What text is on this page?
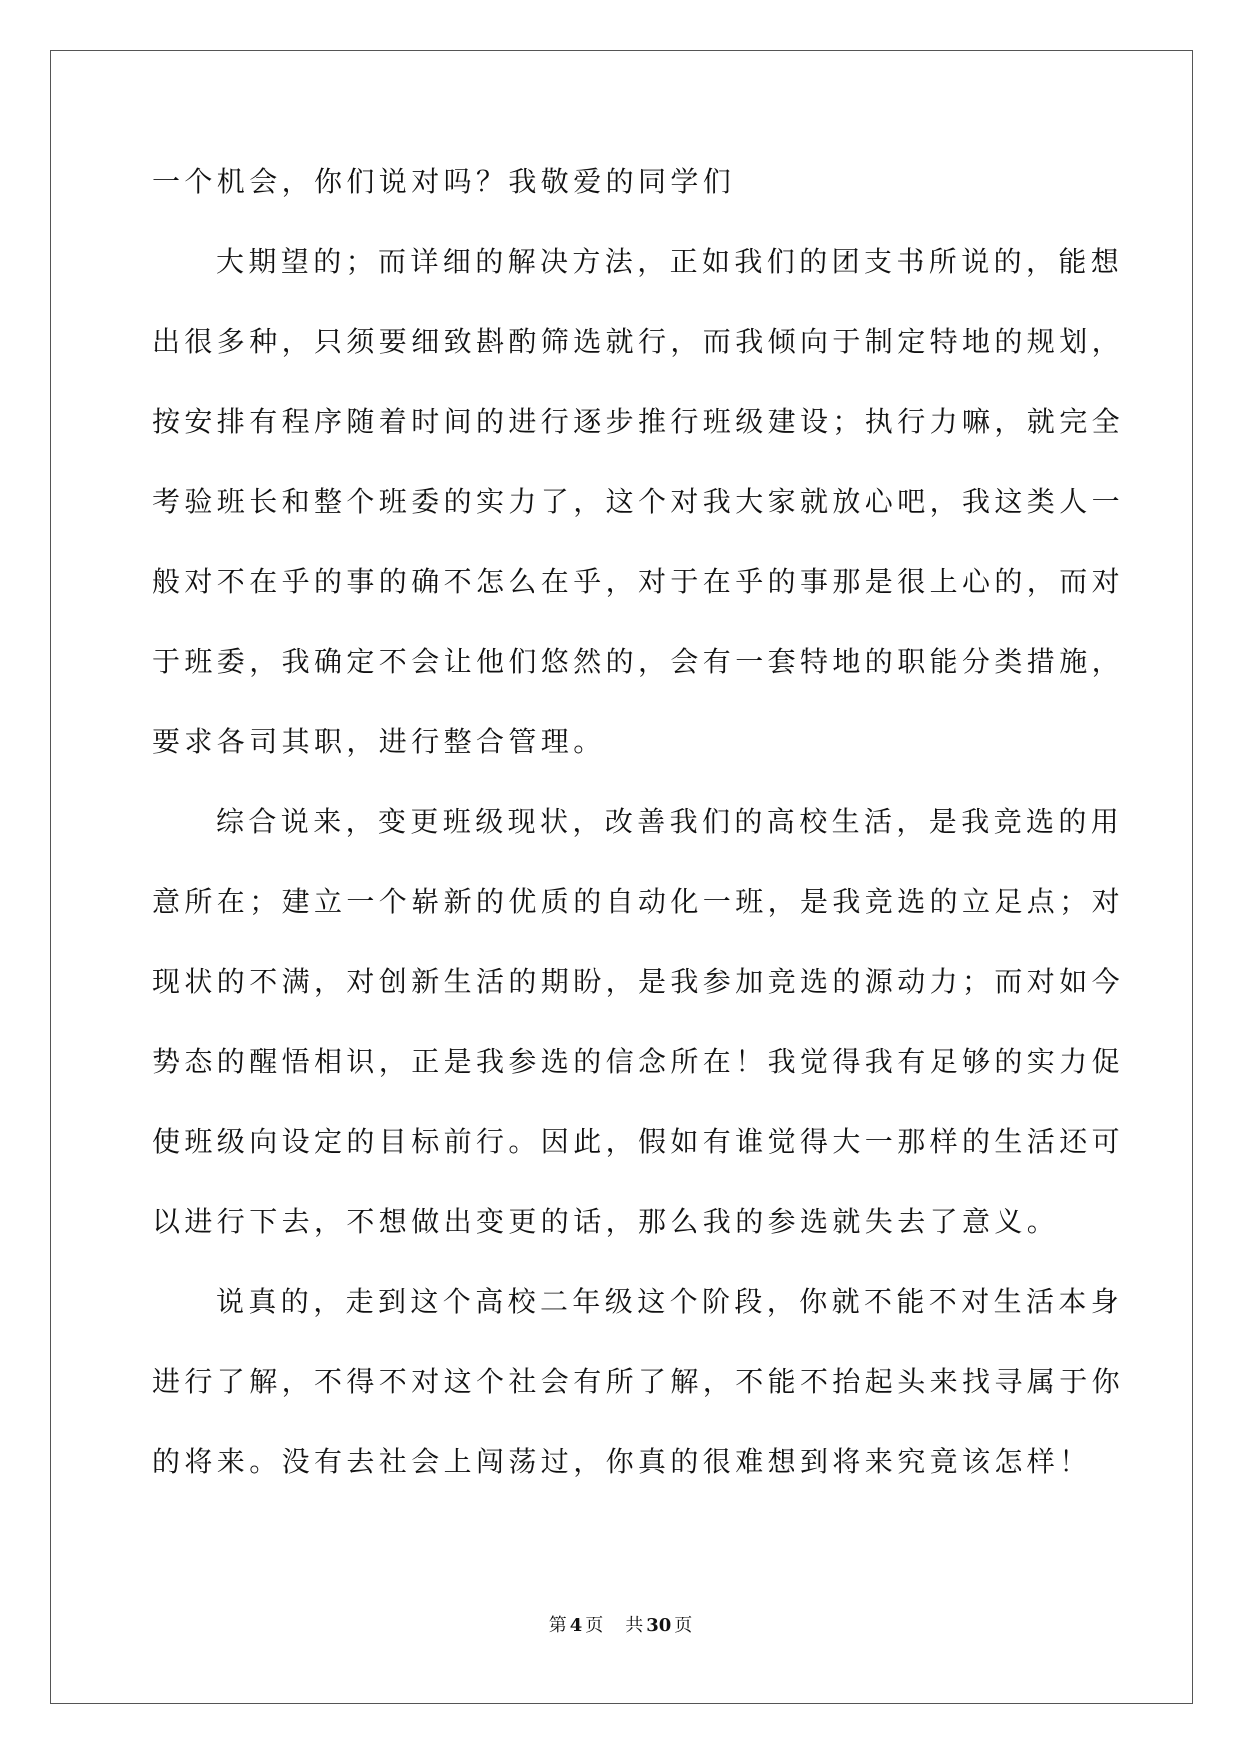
一个机会，你们说对吗？我敬爱的同学们
大期望的；而详细的解决方法，正如我们的团支书所说的，能想
出很多种，只须要细致斟酌筛选就行，而我倾向于制定特地的规划，
按安排有程序随着时间的进行逐步推行班级建设；执行力嘛，就完全
考验班长和整个班委的实力了，这个对我大家就放心吧，我这类人一
般对不在乎的事的确不怎么在乎，对于在乎的事那是很上心的，而对
于班委，我确定不会让他们悠然的，会有一套特地的职能分类措施，
要求各司其职，进行整合管理。
综合说来，变更班级现状，改善我们的高校生活，是我竞选的用
意所在；建立一个崭新的优质的自动化一班，是我竞选的立足点；对
现状的不满，对创新生活的期盼，是我参加竞选的源动力；而对如今
势态的醒悟相识，正是我参选的信念所在！我觉得我有足够的实力促
使班级向设定的目标前行。因此，假如有谁觉得大一那样的生活还可
以进行下去，不想做出变更的话，那么我的参选就失去了意义。
说真的，走到这个高校二年级这个阶段，你就不能不对生活本身
进行了解，不得不对这个社会有所了解，不能不抬起头来找寻属于你
的将来。没有去社会上闯荡过，你真的很难想到将来究竟该怎样！
第 4 页 共 30 页
